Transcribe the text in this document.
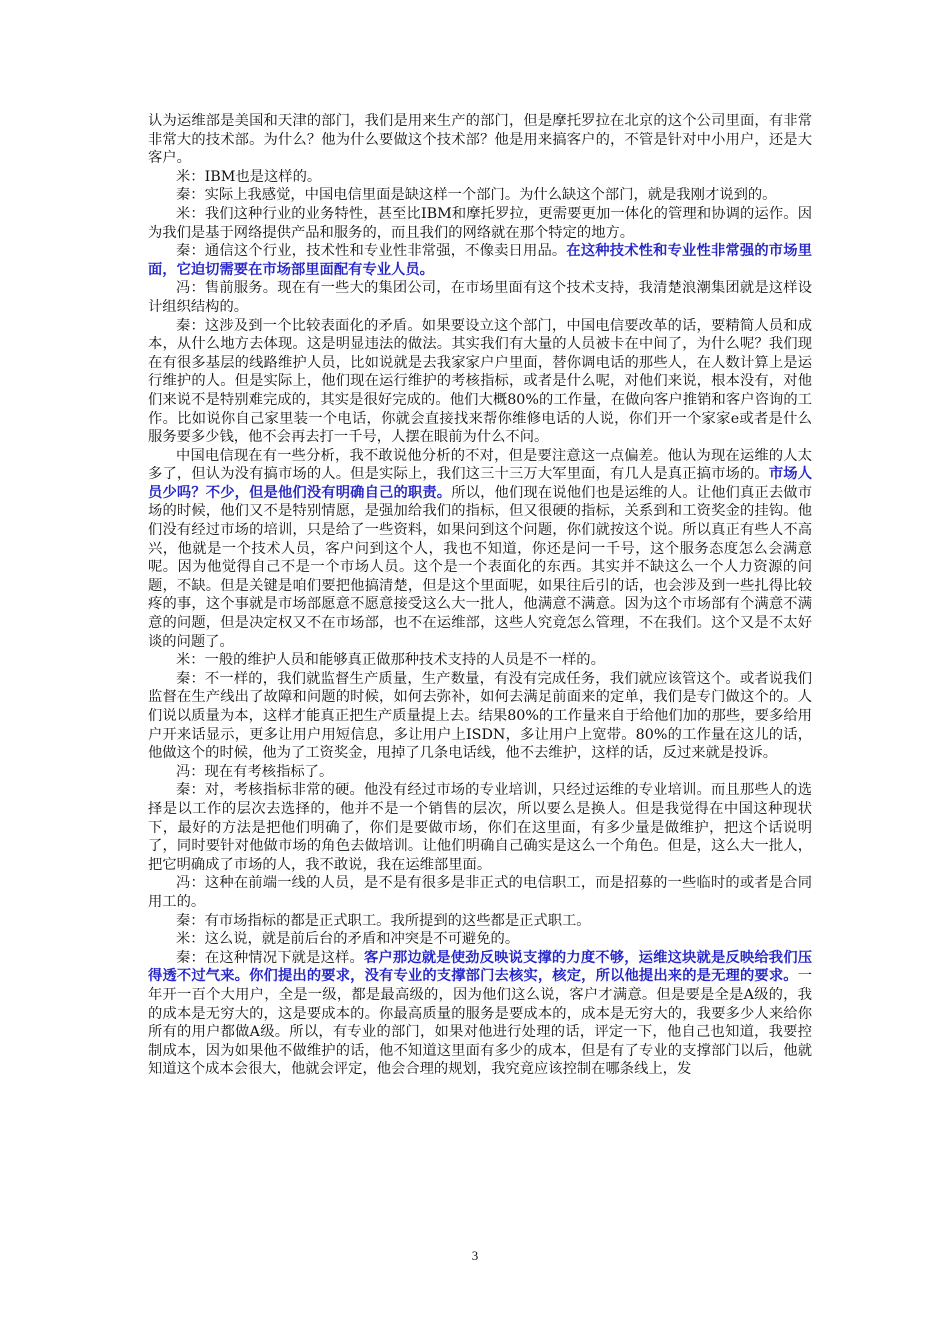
认为运维部是美国和天津的部门，我们是用来生产的部门，但是摩托罗拉在北京的这个公司里面，有非常非常大的技术部。为什么？他为什么要做这个技术部？他是用来搞客户的，不管是针对中小用户，还是大客户。

米：IBM也是这样的。

秦：实际上我感觉，中国电信里面是缺这样一个部门。为什么缺这个部门，就是我刚才说到的。

米：我们这种行业的业务特性，甚至比IBM和摩托罗拉，更需要更加一体化的管理和协调的运作。因为我们是基于网络提供产品和服务的，而且我们的网络就在那个特定的地方。

秦：通信这个行业，技术性和专业性非常强，不像卖日用品。在这种技术性和专业性非常强的市场里面，它迫切需要在市场部里面配有专业人员。

冯：售前服务。现在有一些大的集团公司，在市场里面有这个技术支持，我清楚浪潮集团就是这样设计组织结构的。

秦：这涉及到一个比较表面化的矛盾。如果要设立这个部门，中国电信要改革的话，要精简人员和成本，从什么地方去体现。这是明显违法的做法。其实我们有大量的人员被卡在中间了，为什么呢？我们现在有很多基层的线路维护人员，比如说就是去我家家户户里面，替你调电话的那些人，在人数计算上是运行维护的人。但是实际上，他们现在运行维护的考核指标，或者是什么呢，对他们来说，根本没有，对他们来说不是特别难完成的，其实是很好完成的。他们大概80%的工作量，在做向客户推销和客户咨询的工作。比如说你自己家里装一个电话，你就会直接找来帮你维修电话的人说，你们开一个家家e或者是什么服务要多少钱，他不会再去打一千号，人摆在眼前为什么不问。

中国电信现在有一些分析，我不敢说他分析的不对，但是要注意这一点偏差。他认为现在运维的人太多了，但认为没有搞市场的人。但是实际上，我们这三十三万大军里面，有几人是真正搞市场的。市场人员少吗？不少，但是他们没有明确自己的职责。所以，他们现在说他们也是运维的人。让他们真正去做市场的时候，他们又不是特别情愿，是强加给我们的指标，但又很硬的指标，关系到和工资奖金的挂钩。他们没有经过市场的培训，只是给了一些资料，如果问到这个问题，你们就按这个说。所以真正有些人不高兴，他就是一个技术人员，客户问到这个人，我也不知道，你还是问一千号，这个服务态度怎么会满意呢。因为他觉得自己不是一个市场人员。这个是一个表面化的东西。其实并不缺这么一个人力资源的问题，不缺。但是关键是咱们要把他搞清楚，但是这个里面呢，如果往后引的话，也会涉及到一些扎得比较疼的事，这个事就是市场部愿意不愿意接受这么大一批人，他满意不满意。因为这个市场部有个满意不满意的问题，但是决定权又不在市场部，也不在运维部，这些人究竟怎么管理，不在我们。这个又是不太好谈的问题了。

米：一般的维护人员和能够真正做那种技术支持的人员是不一样的。

秦：不一样的，我们就监督生产质量，生产数量，有没有完成任务，我们就应该管这个。或者说我们监督在生产线出了故障和问题的时候，如何去弥补，如何去满足前面来的定单，我们是专门做这个的。人们说以质量为本，这样才能真正把生产质量提上去。结果80%的工作量来自于给他们加的那些，要多给用户开来话显示，更多让用户用短信息，多让用户上ISDN，多让用户上宽带。80%的工作量在这儿的话，他做这个的时候，他为了工资奖金，甩掉了几条电话线，他不去维护，这样的话，反过来就是投诉。

冯：现在有考核指标了。

秦：对，考核指标非常的硬。他没有经过市场的专业培训，只经过运维的专业培训。而且那些人的选择是以工作的层次去选择的，他并不是一个销售的层次，所以要么是换人。但是我觉得在中国这种现状下，最好的方法是把他们明确了，你们是要做市场，你们在这里面，有多少量是做维护，把这个话说明了，同时要针对他做市场的角色去做培训。让他们明确自己确实是这么一个角色。但是，这么大一批人，把它明确成了市场的人，我不敢说，我在运维部里面。

冯：这种在前端一线的人员，是不是有很多是非正式的电信职工，而是招募的一些临时的或者是合同用工的。

秦：有市场指标的都是正式职工。我所提到的这些都是正式职工。

米：这么说，就是前后台的矛盾和冲突是不可避免的。

秦：在这种情况下就是这样。客户那边就是使劲反映说支撑的力度不够，运维这块就是反映给我们压得透不过气来。你们提出的要求，没有专业的支撑部门去核实，核定，所以他提出来的是无理的要求。一年开一百个大用户，全是一级，都是最高级的，因为他们这么说，客户才满意。但是要是全是A级的，我的成本是无穷大的，这是要成本的。你最高质量的服务是要成本的，成本是无穷大的，我要多少人来给你所有的用户都做A级。所以，有专业的部门，如果对他进行处理的话，评定一下，他自己也知道，我要控制成本，因为如果他不做维护的话，他不知道这里面有多少的成本，但是有了专业的支撑部门以后，他就知道这个成本会很大，他就会评定，他会合理的规划，我究竟应该控制在哪条线上，发

3
